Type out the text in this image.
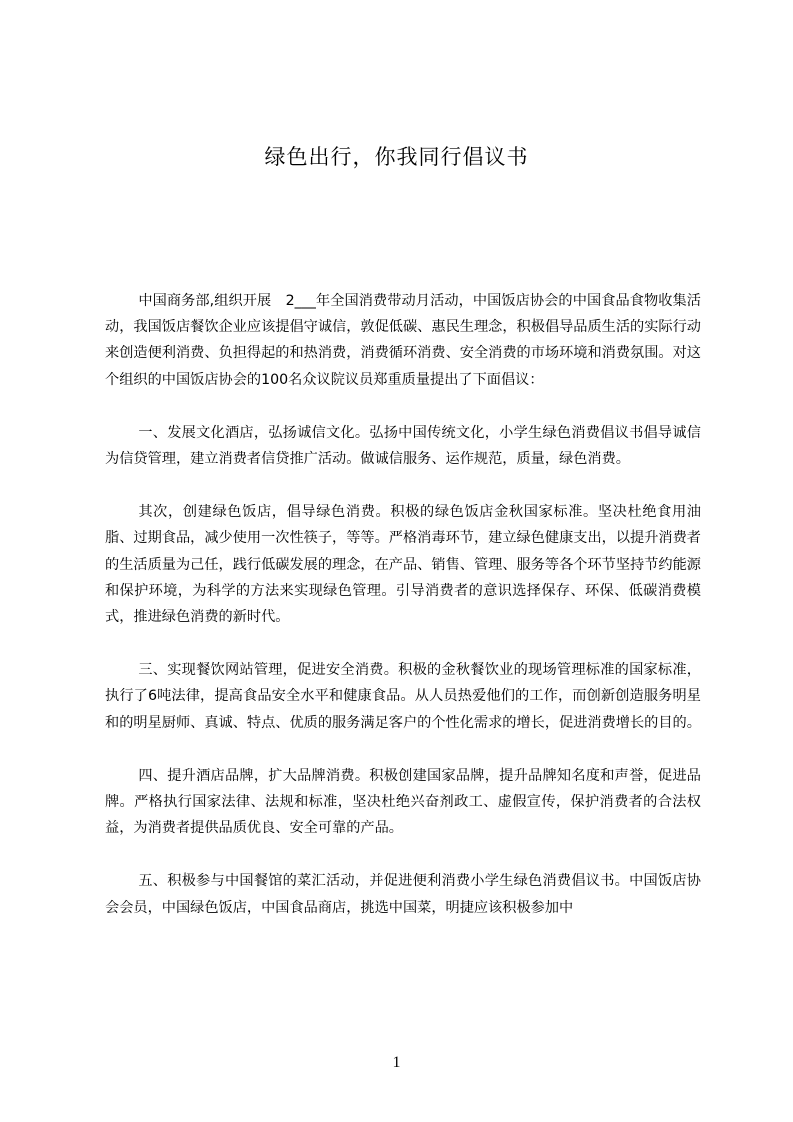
绿色出行，你我同行倡议书

中国商务部,组织开展　2___年全国消费带动月活动，中国饭店协会的中国食品食物收集活动，我国饭店餐饮企业应该提倡守诚信，敦促低碳、惠民生理念，积极倡导品质生活的实际行动来创造便利消费、负担得起的和热消费，消费循环消费、安全消费的市场环境和消费氛围。对这个组织的中国饭店协会的100名众议院议员郑重质量提出了下面倡议：

一、发展文化酒店，弘扬诚信文化。弘扬中国传统文化，小学生绿色消费倡议书倡导诚信为信贷管理，建立消费者信贷推广活动。做诚信服务、运作规范，质量，绿色消费。

其次，创建绿色饭店，倡导绿色消费。积极的绿色饭店金秋国家标准。坚决杜绝食用油脂、过期食品，减少使用一次性筷子，等等。严格消毒环节，建立绿色健康支出，以提升消费者的生活质量为己任，践行低碳发展的理念，在产品、销售、管理、服务等各个环节坚持节约能源和保护环境，为科学的方法来实现绿色管理。引导消费者的意识选择保存、环保、低碳消费模式，推进绿色消费的新时代。

三、实现餐饮网站管理，促进安全消费。积极的金秋餐饮业的现场管理标准的国家标准，执行了6吨法律，提高食品安全水平和健康食品。从人员热爱他们的工作，而创新创造服务明星和的明星厨师、真诚、特点、优质的服务满足客户的个性化需求的增长，促进消费增长的目的。

四、提升酒店品牌，扩大品牌消费。积极创建国家品牌，提升品牌知名度和声誉，促进品牌。严格执行国家法律、法规和标准，坚决杜绝兴奋剂政工、虚假宣传，保护消费者的合法权益，为消费者提供品质优良、安全可靠的产品。

五、积极参与中国餐馆的菜汇活动，并促进便利消费小学生绿色消费倡议书。中国饭店协会会员，中国绿色饭店，中国食品商店，挑选中国菜，明捷应该积极参加中

1
